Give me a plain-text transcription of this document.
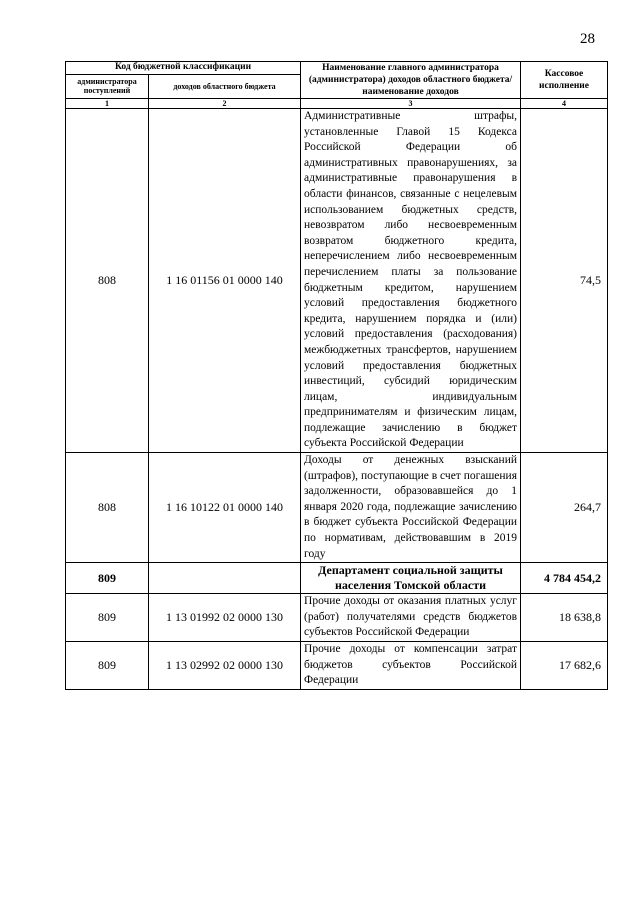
28
Код бюджетной классификации		Наименование главного администратора (администратора) доходов областного бюджета/ наименование доходов	Кассовое исполнение
администратора поступлений	доходов областного бюджета		
1	2	3	4
808	1 16 01156 01 0000 140	Административные штрафы, установленные Главой 15 Кодекса Российской Федерации об административных правонарушениях, за административные правонарушения в области финансов, связанные с нецелевым использованием бюджетных средств, невозвратом либо несвоевременным возвратом бюджетного кредита, неперечислением либо несвоевременным перечислением платы за пользование бюджетным кредитом, нарушением условий предоставления бюджетного кредита, нарушением порядка и (или) условий предоставления (расходования) межбюджетных трансфертов, нарушением условий предоставления бюджетных инвестиций, субсидий юридическим лицам, индивидуальным предпринимателям и физическим лицам, подлежащие зачислению в бюджет субъекта Российской Федерации	74,5
808	1 16 10122 01 0000 140	Доходы от денежных взысканий (штрафов), поступающие в счет погашения задолженности, образовавшейся до 1 января 2020 года, подлежащие зачислению в бюджет субъекта Российской Федерации по нормативам, действовавшим в 2019 году	264,7
809		Департамент социальной защиты населения Томской области	4 784 454,2
809	1 13 01992 02 0000 130	Прочие доходы от оказания платных услуг (работ) получателями средств бюджетов субъектов Российской Федерации	18 638,8
809	1 13 02992 02 0000 130	Прочие доходы от компенсации затрат бюджетов субъектов Российской Федерации	17 682,6
